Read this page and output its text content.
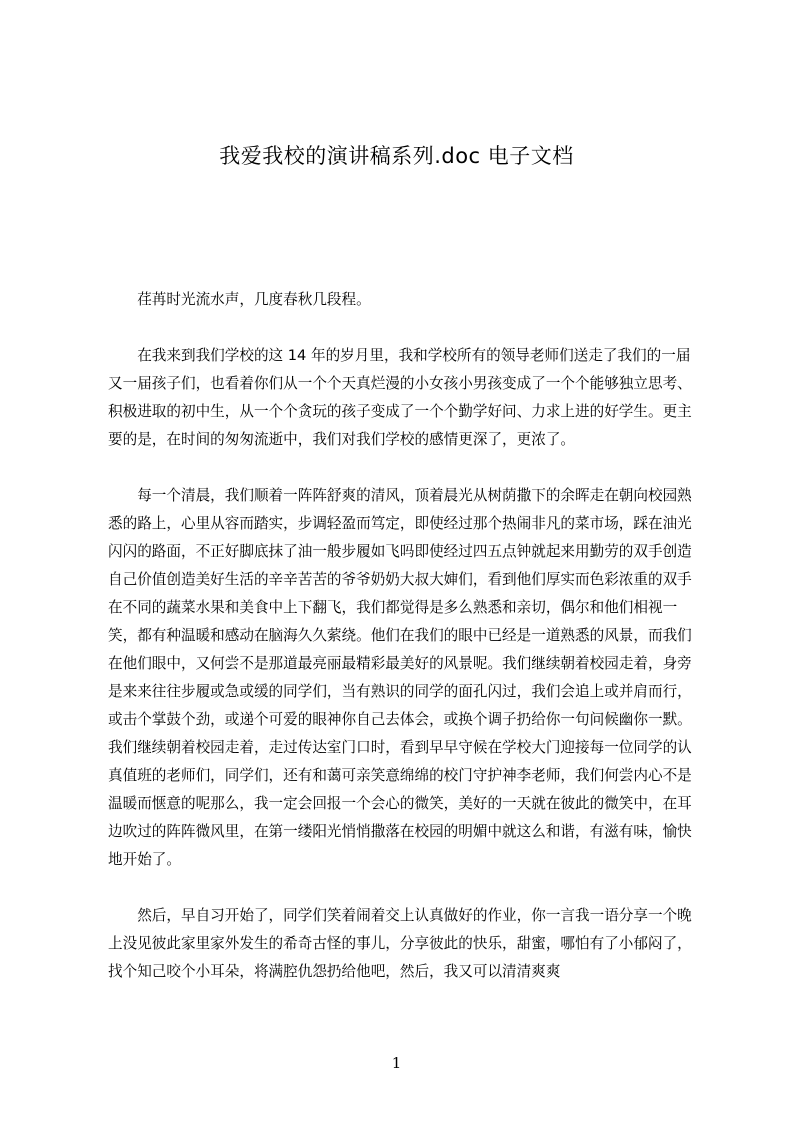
我爱我校的演讲稿系列.doc 电子文档

荏苒时光流水声，几度春秋几段程。

在我来到我们学校的这 14 年的岁月里，我和学校所有的领导老师们送走了我们的一届又一届孩子们，也看着你们从一个个天真烂漫的小女孩小男孩变成了一个个能够独立思考、积极进取的初中生，从一个个贪玩的孩子变成了一个个勤学好问、力求上进的好学生。更主要的是，在时间的匆匆流逝中，我们对我们学校的感情更深了，更浓了。

每一个清晨，我们顺着一阵阵舒爽的清风，顶着晨光从树荫撒下的余晖走在朝向校园熟悉的路上，心里从容而踏实，步调轻盈而笃定，即使经过那个热闹非凡的菜市场，踩在油光闪闪的路面，不正好脚底抹了油一般步履如飞吗即使经过四五点钟就起来用勤劳的双手创造自己价值创造美好生活的辛辛苦苦的爷爷奶奶大叔大婶们，看到他们厚实而色彩浓重的双手在不同的蔬菜水果和美食中上下翻飞，我们都觉得是多么熟悉和亲切，偶尔和他们相视一笑，都有种温暖和感动在脑海久久萦绕。他们在我们的眼中已经是一道熟悉的风景，而我们在他们眼中，又何尝不是那道最亮丽最精彩最美好的风景呢。我们继续朝着校园走着，身旁是来来往往步履或急或缓的同学们，当有熟识的同学的面孔闪过，我们会追上或并肩而行，或击个掌鼓个劲，或递个可爱的眼神你自己去体会，或换个调子扔给你一句问候幽你一默。我们继续朝着校园走着，走过传达室门口时，看到早早守候在学校大门迎接每一位同学的认真值班的老师们，同学们，还有和蔼可亲笑意绵绵的校门守护神李老师，我们何尝内心不是温暖而惬意的呢那么，我一定会回报一个会心的微笑，美好的一天就在彼此的微笑中，在耳边吹过的阵阵微风里，在第一缕阳光悄悄撒落在校园的明媚中就这么和谐，有滋有味，愉快地开始了。

然后，早自习开始了，同学们笑着闹着交上认真做好的作业，你一言我一语分享一个晚上没见彼此家里家外发生的希奇古怪的事儿，分享彼此的快乐，甜蜜，哪怕有了小郁闷了，找个知己咬个小耳朵，将满腔仇怨扔给他吧，然后，我又可以清清爽爽

1
